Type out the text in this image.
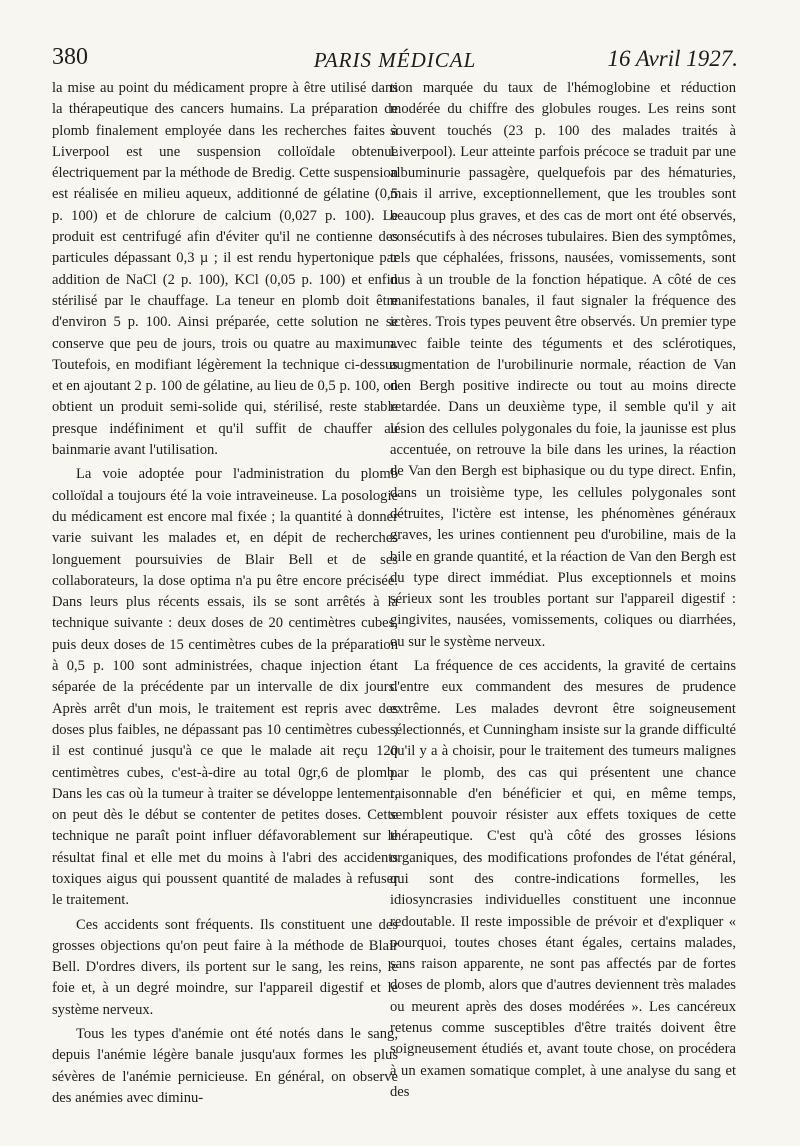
380	PARIS MÉDICAL	16 Avril 1927.

la mise au point du médicament propre à être utilisé dans la thérapeutique des cancers humains. La préparation de plomb finalement employée dans les recherches faites à Liverpool est une suspension colloïdale obtenue électriquement par la méthode de Bredig. Cette suspension est réalisée en milieu aqueux, additionné de gélatine (0,5 p. 100) et de chlorure de calcium (0,027 p. 100). Le produit est centrifugé afin d'éviter qu'il ne contienne des particules dépassant 0,3 µ ; il est rendu hypertonique par addition de NaCl (2 p. 100), KCl (0,05 p. 100) et enfin stérilisé par le chauffage. La teneur en plomb doit être d'environ 5 p. 100. Ainsi préparée, cette solution ne se conserve que peu de jours, trois ou quatre au maximum. Toutefois, en modifiant légèrement la technique ci-dessus et en ajoutant 2 p. 100 de gélatine, au lieu de 0,5 p. 100, on obtient un produit semi-solide qui, stérilisé, reste stable presque indéfiniment et qu'il suffit de chauffer au bainmarie avant l'utilisation.

La voie adoptée pour l'administration du plomb colloïdal a toujours été la voie intraveineuse. La posologie du médicament est encore mal fixée ; la quantité à donner varie suivant les malades et, en dépit de recherches longuement poursuivies de Blair Bell et de ses collaborateurs, la dose optima n'a pu être encore précisée. Dans leurs plus récents essais, ils se sont arrêtés à la technique suivante : deux doses de 20 centimètres cubes, puis deux doses de 15 centimètres cubes de la préparation à 0,5 p. 100 sont administrées, chaque injection étant séparée de la précédente par un intervalle de dix jours. Après arrêt d'un mois, le traitement est repris avec des doses plus faibles, ne dépassant pas 10 centimètres cubes ; il est continué jusqu'à ce que le malade ait reçu 120 centimètres cubes, c'est-à-dire au total 0gr,6 de plomb. Dans les cas où la tumeur à traiter se développe lentement, on peut dès le début se contenter de petites doses. Cette technique ne paraît point influer défavorablement sur le résultat final et elle met du moins à l'abri des accidents toxiques aigus qui poussent quantité de malades à refuser le traitement.

Ces accidents sont fréquents. Ils constituent une des grosses objections qu'on peut faire à la méthode de Blair Bell. D'ordres divers, ils portent sur le sang, les reins, le foie et, à un degré moindre, sur l'appareil digestif et le système nerveux.

Tous les types d'anémie ont été notés dans le sang, depuis l'anémie légère banale jusqu'aux formes les plus sévères de l'anémie pernicieuse. En général, on observe des anémies avec diminu-

tion marquée du taux de l'hémoglobine et réduction modérée du chiffre des globules rouges. Les reins sont souvent touchés (23 p. 100 des malades traités à Liverpool). Leur atteinte parfois précoce se traduit par une albuminurie passagère, quelquefois par des hématuries, mais il arrive, exceptionnellement, que les troubles sont beaucoup plus graves, et des cas de mort ont été observés, consécutifs à des nécroses tubulaires. Bien des symptômes, tels que céphalées, frissons, nausées, vomissements, sont dus à un trouble de la fonction hépatique. A côté de ces manifestations banales, il faut signaler la fréquence des ictères. Trois types peuvent être observés. Un premier type avec faible teinte des téguments et des sclérotiques, augmentation de l'urobilinurie normale, réaction de Van den Bergh positive indirecte ou tout au moins directe retardée. Dans un deuxième type, il semble qu'il y ait lésion des cellules polygonales du foie, la jaunisse est plus accentuée, on retrouve la bile dans les urines, la réaction de Van den Bergh est biphasique ou du type direct. Enfin, dans un troisième type, les cellules polygonales sont détruites, l'ictère est intense, les phénomènes généraux graves, les urines contiennent peu d'urobiline, mais de la bile en grande quantité, et la réaction de Van den Bergh est du type direct immédiat. Plus exceptionnels et moins sérieux sont les troubles portant sur l'appareil digestif : gingivites, nausées, vomissements, coliques ou diarrhées, ou sur le système nerveux.

La fréquence de ces accidents, la gravité de certains d'entre eux commandent des mesures de prudence extrême. Les malades devront être soigneusement sélectionnés, et Cunningham insiste sur la grande difficulté qu'il y a à choisir, pour le traitement des tumeurs malignes par le plomb, des cas qui présentent une chance raisonnable d'en bénéficier et qui, en même temps, semblent pouvoir résister aux effets toxiques de cette thérapeutique. C'est qu'à côté des grosses lésions organiques, des modifications profondes de l'état général, qui sont des contre-indications formelles, les idiosyncrasies individuelles constituent une inconnue redoutable. Il reste impossible de prévoir et d'expliquer « pourquoi, toutes choses étant égales, certains malades, sans raison apparente, ne sont pas affectés par de fortes doses de plomb, alors que d'autres deviennent très malades ou meurent après des doses modérées ». Les cancéreux retenus comme susceptibles d'être traités doivent être soigneusement étudiés et, avant toute chose, on procédera à un examen somatique complet, à une analyse du sang et des
